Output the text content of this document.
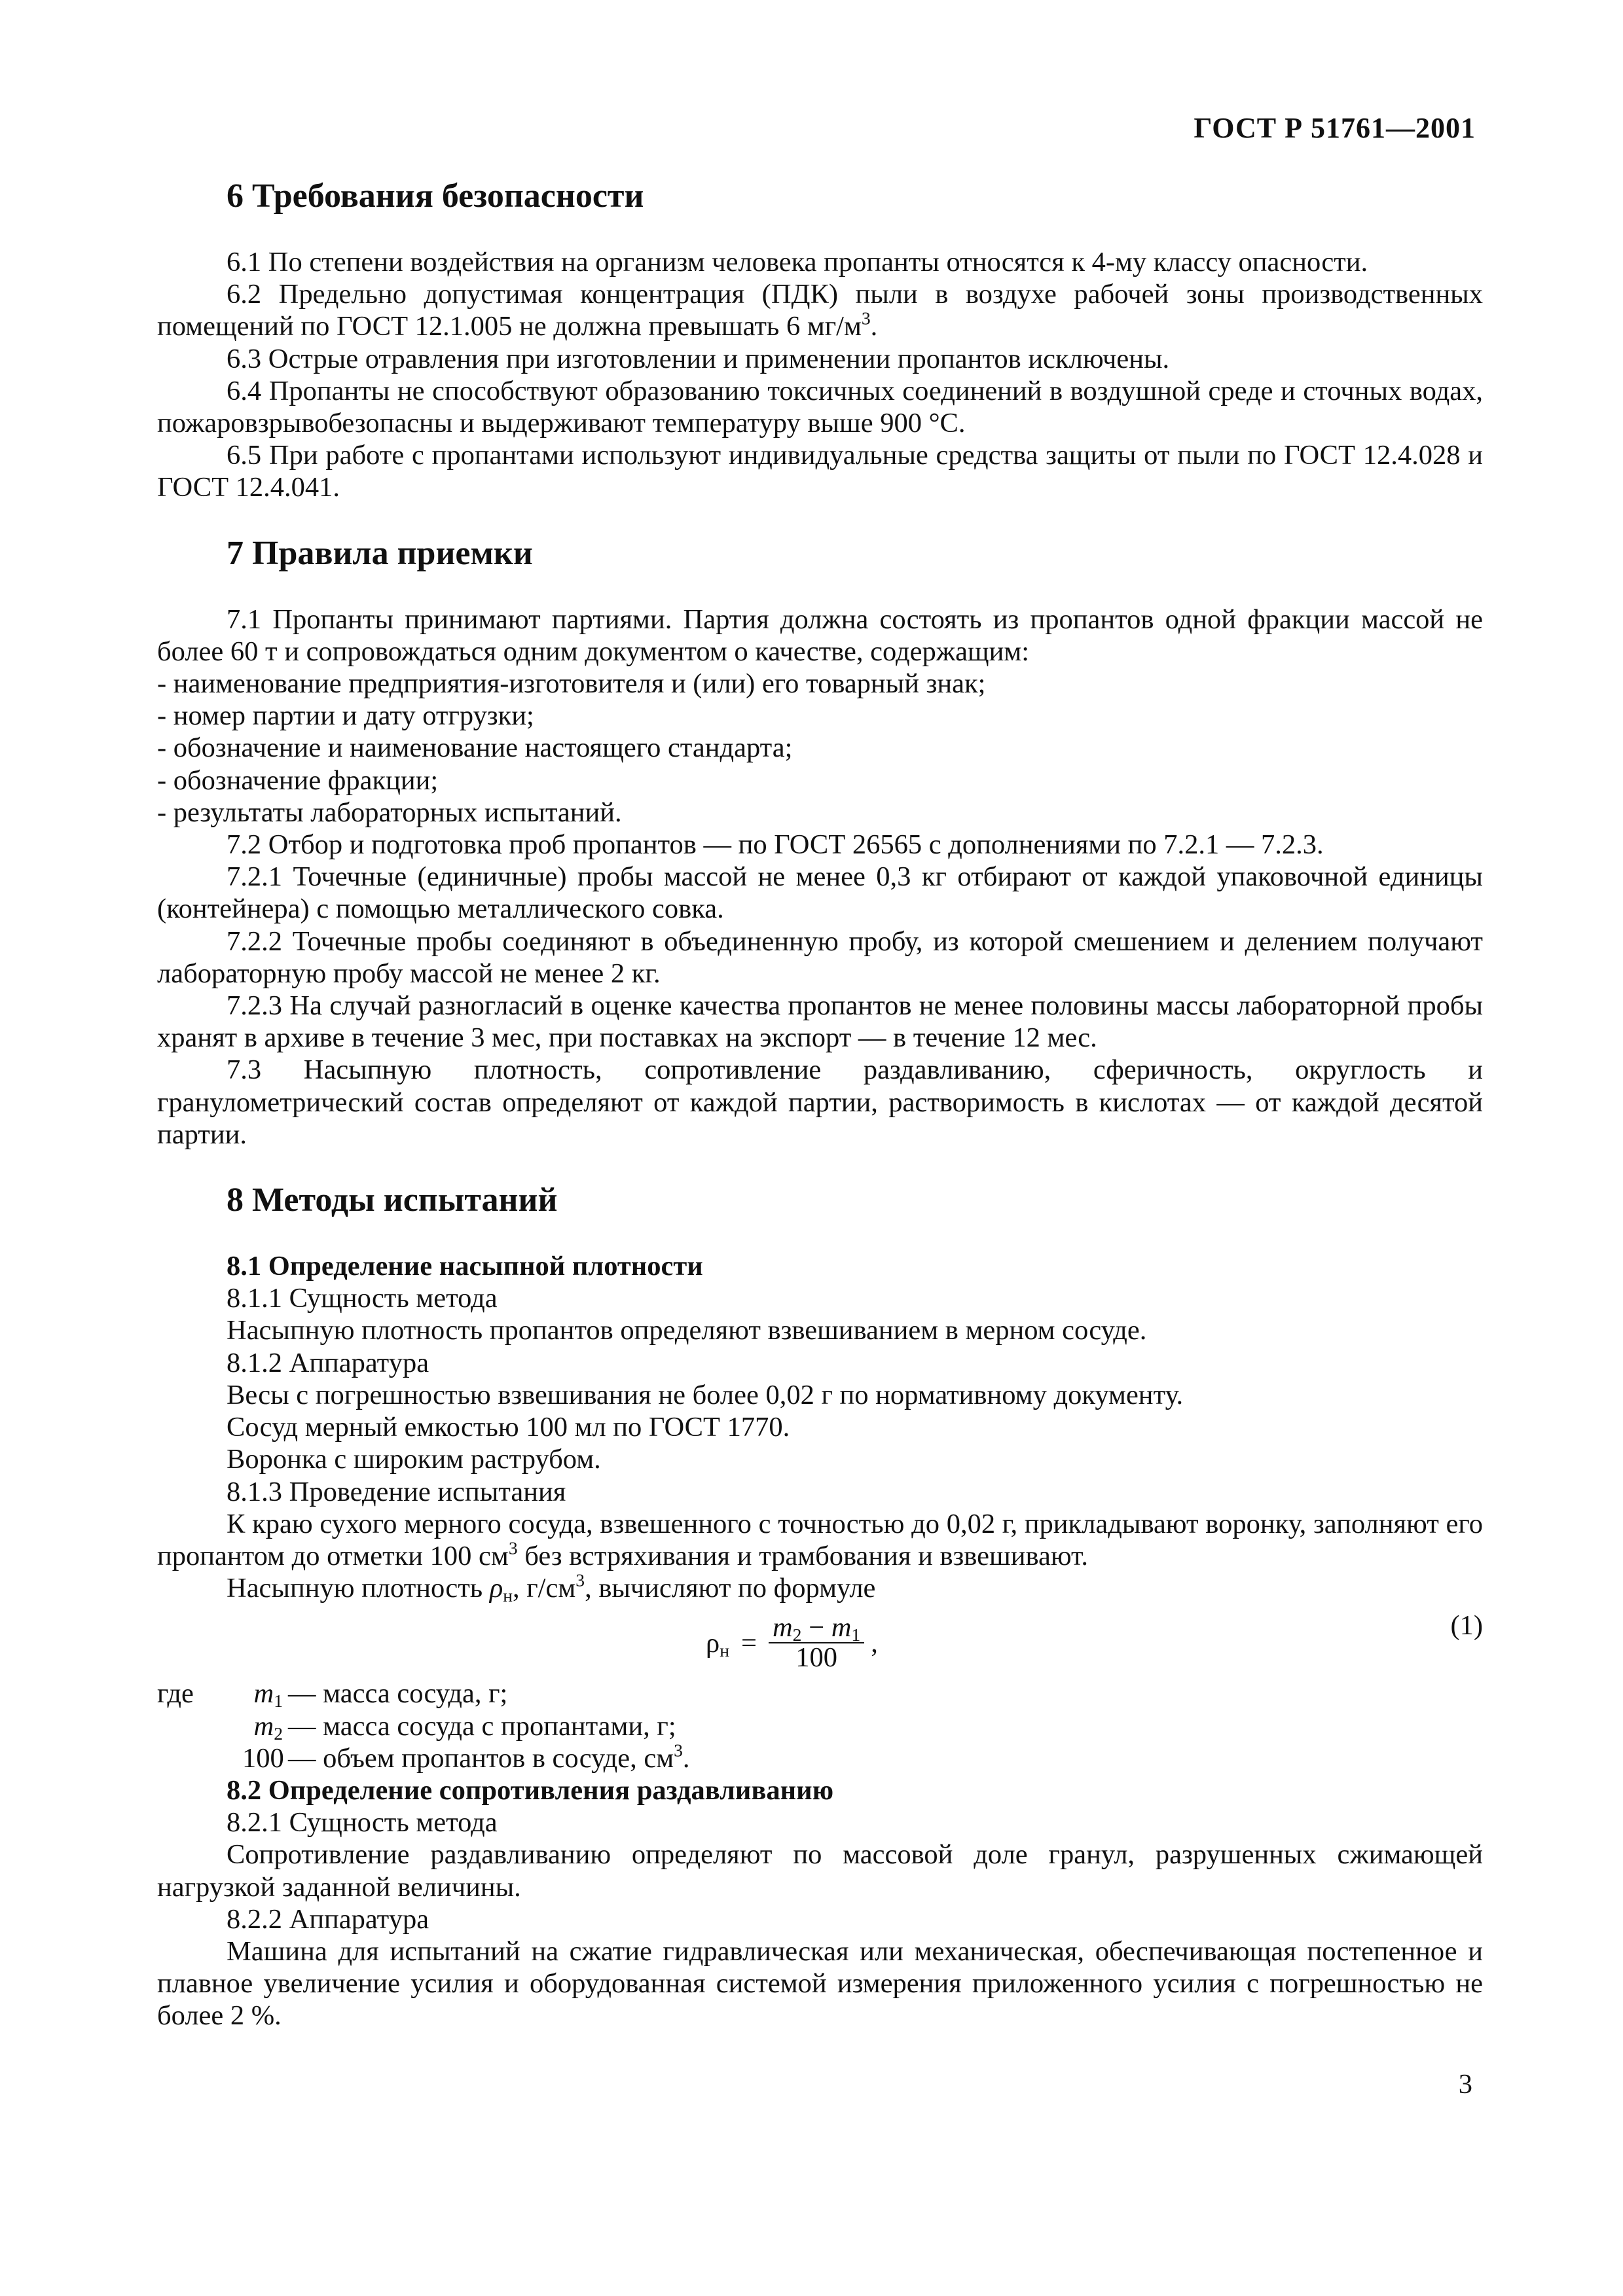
ГОСТ Р 51761—2001
6 Требования безопасности

6.1 По степени воздействия на организм человека пропанты относятся к 4-му классу опасности.

6.2 Предельно допустимая концентрация (ПДК) пыли в воздухе рабочей зоны производственных помещений по ГОСТ 12.1.005 не должна превышать 6 $мг/м^3$.

6.3 Острые отравления при изготовлении и применении пропантов исключены.

6.4 Пропанты не способствуют образованию токсичных соединений в воздушной среде и сточных водах, пожаровзрывобезопасны и выдерживают температуру выше 900 °С.

6.5 При работе с пропантами используют индивидуальные средства защиты от пыли по ГОСТ 12.4.028 и ГОСТ 12.4.041.

7 Правила приемки

7.1 Пропанты принимают партиями. Партия должна состоять из пропантов одной фракции массой не более 60 т и сопровождаться одним документом о качестве, содержащим:

- наименование предприятия-изготовителя и (или) его товарный знак;

- номер партии и дату отгрузки;

- обозначение и наименование настоящего стандарта;

- обозначение фракции;

- результаты лабораторных испытаний.

7.2 Отбор и подготовка проб пропантов — по ГОСТ 26565 с дополнениями по 7.2.1 — 7.2.3.

7.2.1 Точечные (единичные) пробы массой не менее 0,3 кг отбирают от каждой упаковочной единицы (контейнера) с помощью металлического совка.

7.2.2 Точечные пробы соединяют в объединенную пробу, из которой смешением и делением получают лабораторную пробу массой не менее 2 кг.

7.2.3 На случай разногласий в оценке качества пропантов не менее половины массы лабораторной пробы хранят в архиве в течение 3 мес, при поставках на экспорт — в течение 12 мес.

7.3 Насыпную плотность, сопротивление раздавливанию, сферичность, округлость и гранулометрический состав определяют от каждой партии, растворимость в кислотах — от каждой десятой партии.

8 Методы испытаний
8.1 Определение насыпной плотности

8.1.1 Сущность метода

Насыпную плотность пропантов определяют взвешиванием в мерном сосуде.

8.1.2 Аппаратура

Весы с погрешностью взвешивания не более 0,02 г по нормативному документу.

Сосуд мерный емкостью 100 мл по ГОСТ 1770.

Воронка с широким раструбом.

8.1.3 Проведение испытания

К краю сухого мерного сосуда, взвешенного с точностью до 0,02 г, прикладывают воронку, заполняют его пропантом до отметки 100 $см^3$ без встряхивания и трамбования и взвешивают.

Насыпную плотность $\rho_н$, $г/см^3$, вычисляют по формуле

$\rho_н = \frac{m_2 - m_1}{100}$ ,
(1)
где	$m_1$ — масса сосуда, г;
$m_2$ — масса сосуда с пропантами, г;
100 — объем пропантов в сосуде, $см^3$.
8.2 Определение сопротивления раздавливанию

8.2.1 Сущность метода

Сопротивление раздавливанию определяют по массовой доле гранул, разрушенных сжимающей нагрузкой заданной величины.

8.2.2 Аппаратура

Машина для испытаний на сжатие гидравлическая или механическая, обеспечивающая постепенное и плавное увеличение усилия и оборудованная системой измерения приложенного усилия с погрешностью не более 2 %.

3
